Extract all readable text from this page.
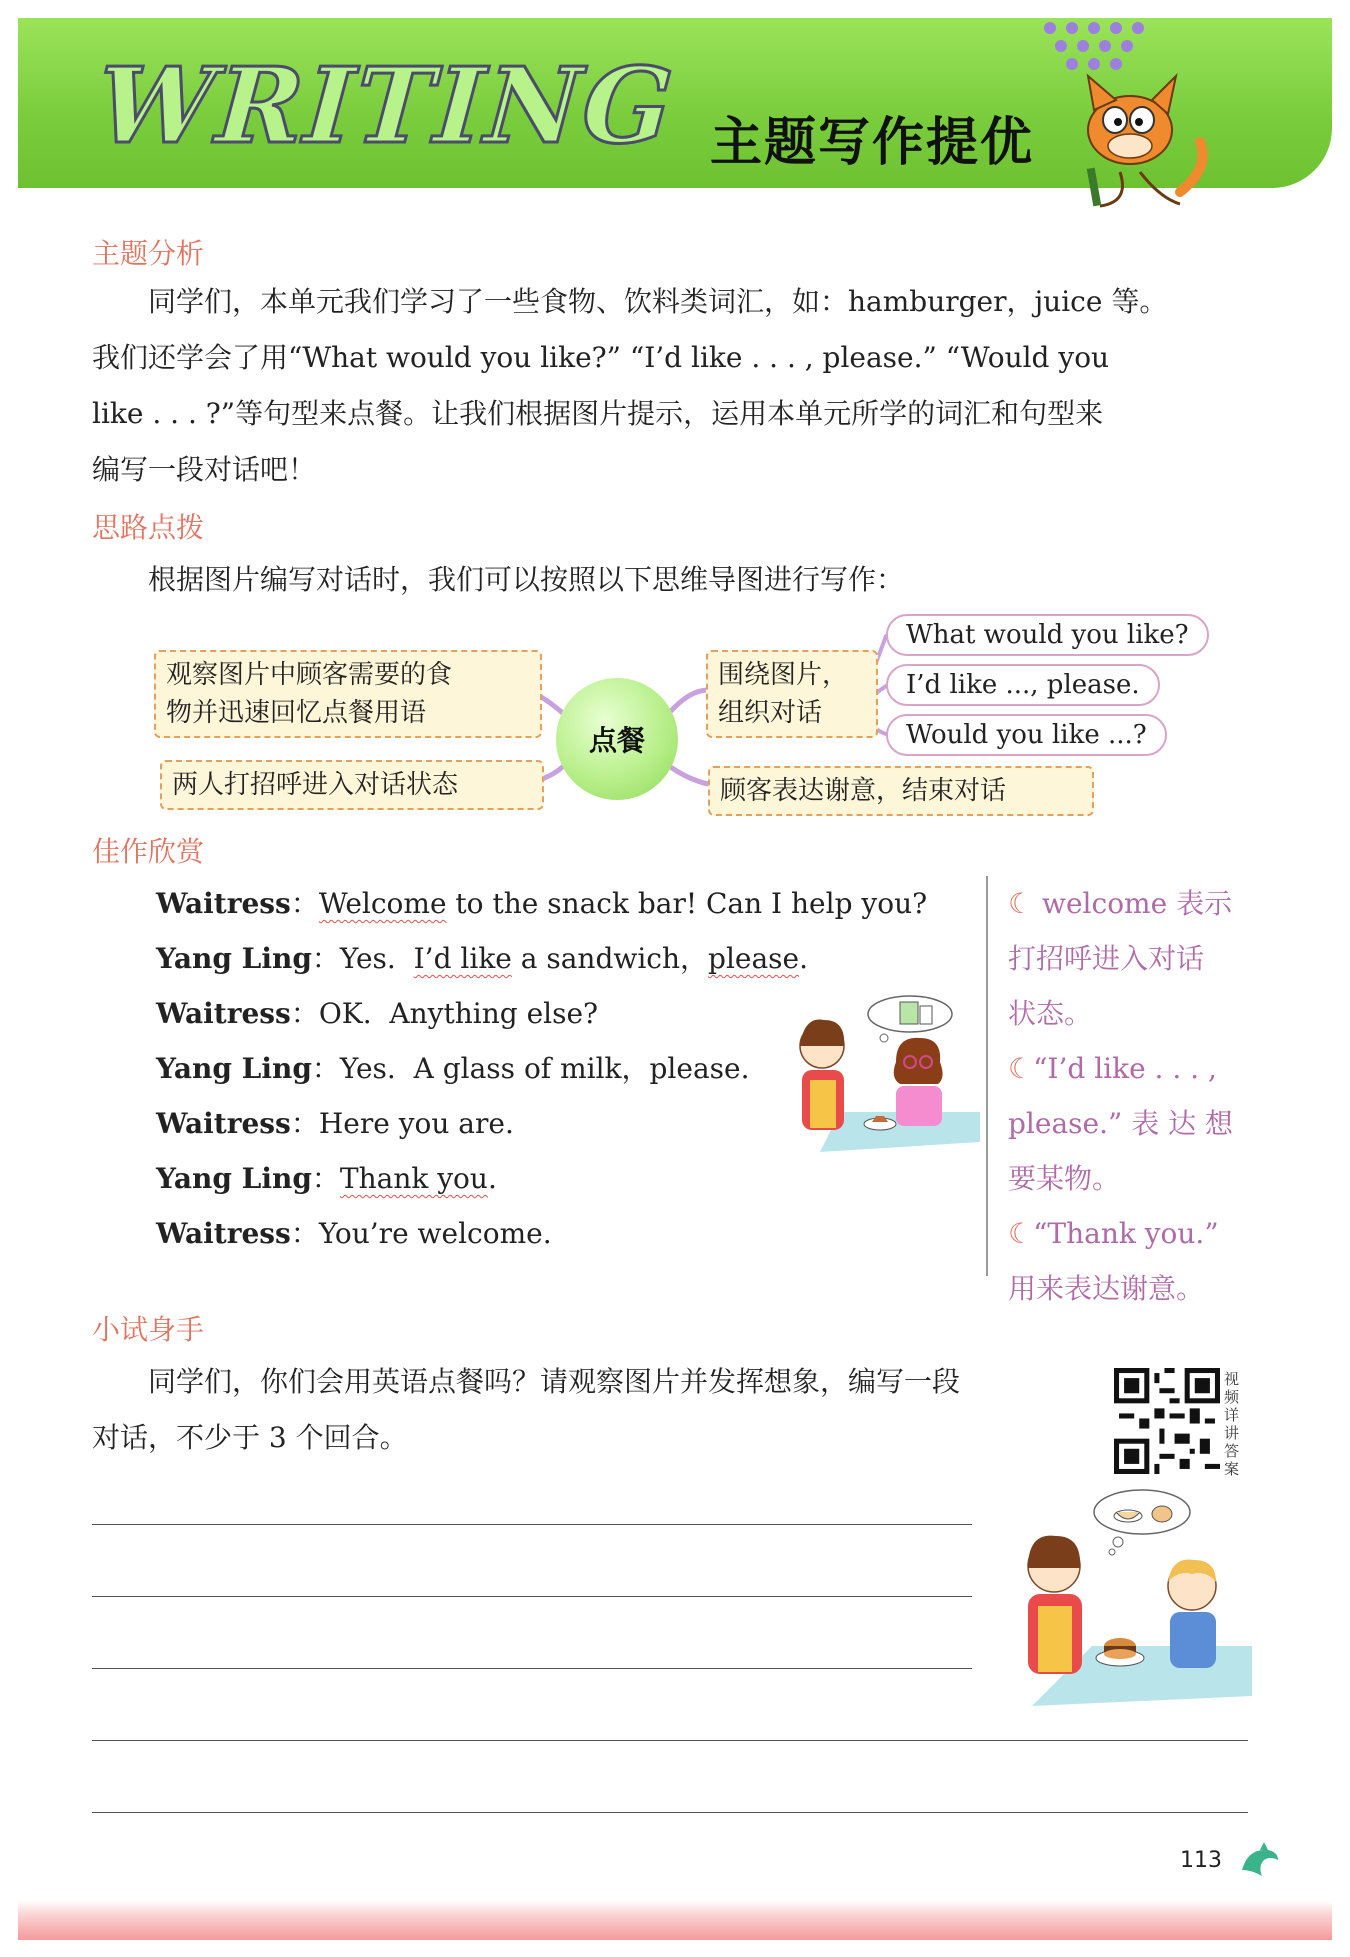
WRITING 主题写作提优
主题分析
同学们，本单元我们学习了一些食物、饮料类词汇，如：hamburger，juice 等。
我们还学会了用“What would you like?” “I’d like . . . , please.” “Would you
like . . . ?”等句型来点餐。让我们根据图片提示，运用本单元所学的词汇和句型来
编写一段对话吧！
思路点拨
根据图片编写对话时，我们可以按照以下思维导图进行写作：
观察图片中顾客需要的食
物并迅速回忆点餐用语
两人打招呼进入对话状态
点餐
围绕图片，
组织对话
顾客表达谢意，结束对话
What would you like?
I’d like ..., please.
Would you like ...?
佳作欣赏
Waitress：Welcome to the snack bar! Can I help you?
Yang Ling：Yes.  I’d like a sandwich，please.
Waitress：OK.  Anything else?
Yang Ling：Yes.  A glass of milk，please.
Waitress：Here you are.
Yang Ling：Thank you.
Waitress：You’re welcome.
☾ welcome 表示
打招呼进入对话
状态。
☾“I’d like . . . ,
please.” 表 达 想
要某物。
☾“Thank you.”
用来表达谢意。
小试身手
同学们，你们会用英语点餐吗？请观察图片并发挥想象，编写一段
对话，不少于 3 个回合。
视频详讲答案
113
